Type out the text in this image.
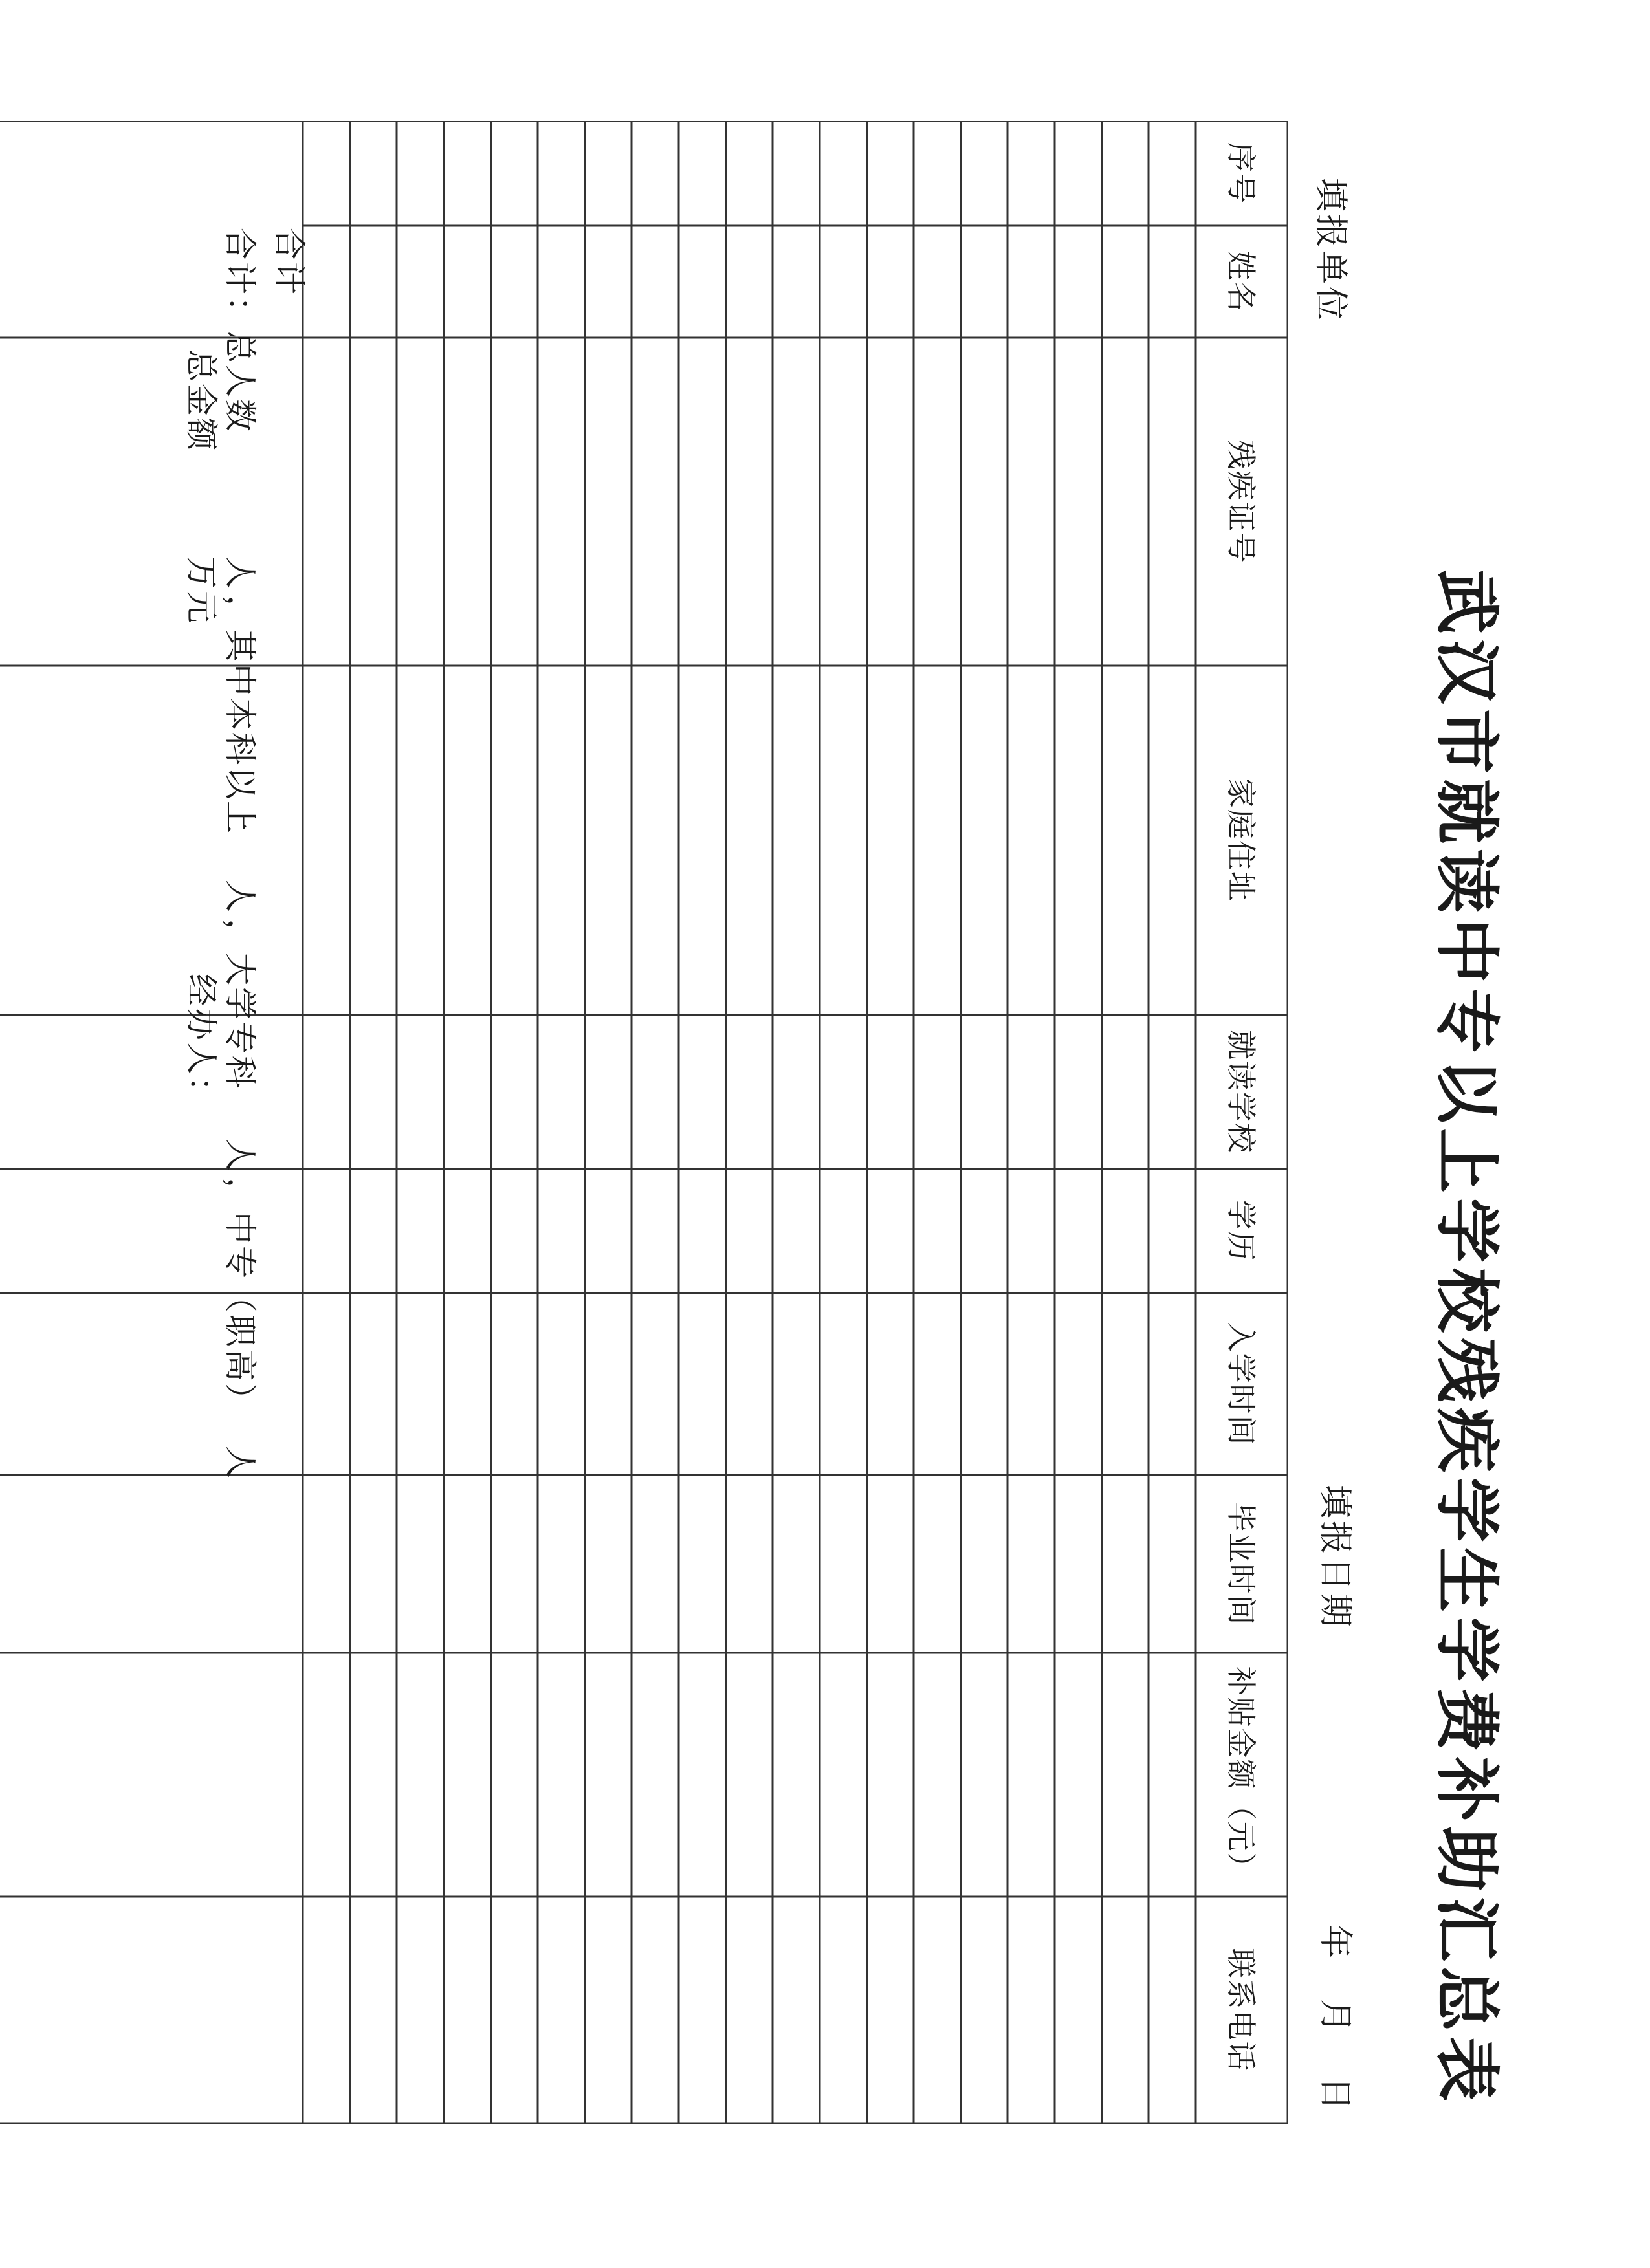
武汉市就读中专以上学校残疾学生学费补助汇总表
填报单位
填报日期
年
月
日
序号
姓名
残疾证号
家庭住址
就读学校
学历
入学时间
毕业时间
补贴金额（元）
联系电话
合计
合计：总人数
人
，其中本科以上
人
，大学专科
人
，中专（职高）
人
总金额
万元
经办人：
